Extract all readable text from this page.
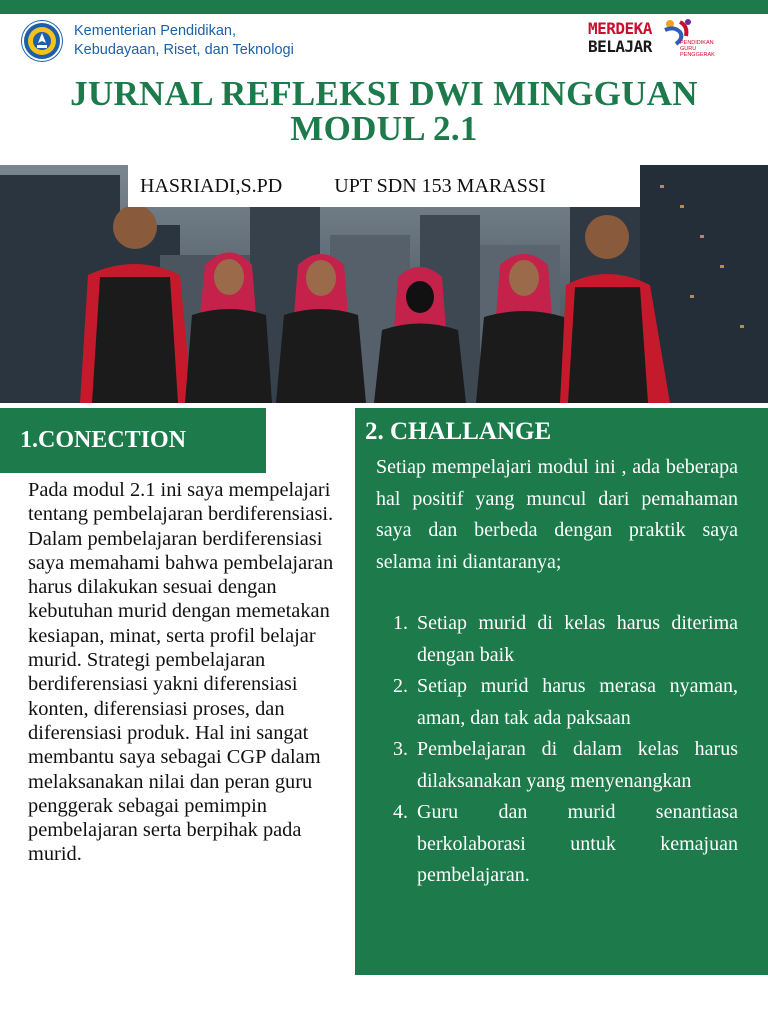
Kementerian Pendidikan,
Kebudayaan, Riset, dan Teknologi
MERDEKA
BELAJAR	PENDIDIKAN
GURU
PENGGERAK
JURNAL REFLEKSI DWI MINGGUAN
MODUL 2.1
HASRIADI,S.PD	UPT SDN 153 MARASSI
1.CONECTION
Pada modul 2.1 ini saya mempelajari tentang pembelajaran berdiferensiasi. Dalam pembelajaran berdiferensiasi saya memahami bahwa pembelajaran harus dilakukan sesuai dengan kebutuhan murid dengan memetakan kesiapan, minat, serta profil belajar murid. Strategi pembelajaran berdiferensiasi yakni diferensiasi konten, diferensiasi proses, dan diferensiasi produk. Hal ini sangat membantu saya sebagai CGP dalam melaksanakan nilai dan peran guru penggerak sebagai pemimpin pembelajaran serta berpihak pada murid.
2. CHALLANGE
Setiap mempelajari modul ini , ada beberapa hal positif yang muncul dari pemahaman saya dan berbeda dengan praktik saya selama ini diantaranya;
1. Setiap murid di kelas harus diterima dengan baik
2. Setiap murid harus merasa nyaman, aman, dan tak ada paksaan
3. Pembelajaran di dalam kelas harus dilaksanakan yang menyenangkan
4. Guru dan murid senantiasa berkolaborasi untuk kemajuan pembelajaran.
